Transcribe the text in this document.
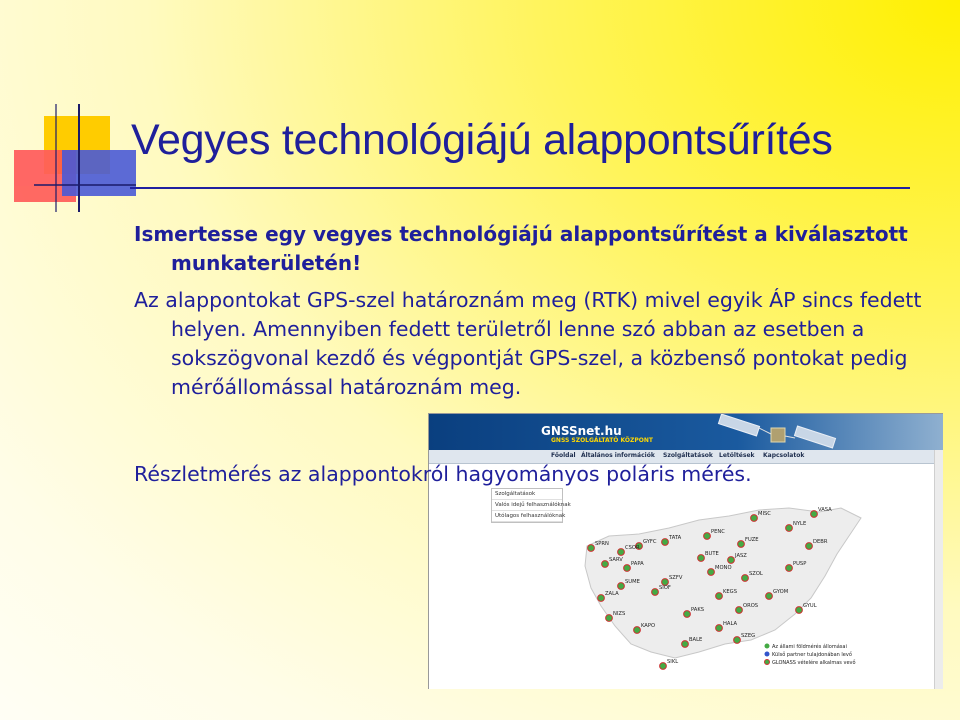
Vegyes technológiájú alappontsűrítés

Ismertesse egy vegyes technológiájú alappontsűrítést a kiválasztott munkaterületén!

Az alappontokat GPS-szel határoznám meg (RTK) mivel egyik ÁP sincs fedett helyen. Amennyiben fedett területről lenne szó abban az esetben a sokszögvonal kezdő és végpontját GPS-szel, a közbenső pontokat pedig mérőállomással határoznám meg.

GNSSnet.hu
GNSS SZOLGÁLTATÓ KÖZPONT
Főoldal Általános információk Szolgáltatások Letöltések Kapcsolatok
Szolgáltatások
Valós idejű felhasználóknak
Utólagos felhasználóknak
Az állami földmérés állomásai
Külső partner tulajdonában levő
GLONASS vételére alkalmas vevő
MISC
VASA
NYLE
PENC
FUZE	DEBR
SPRN	GYFC
TATA
CSOR
BUTE	JASZ
PUSP
SARV
PAPA
MONO
SZOL
SZFV
SUME
SIOF
KEGS	GYOM
ZALA
OROS	GYUL
PAKS
NIZS
KAPO	HALA
SZEG
BALE
SIKL

Részletmérés az alappontokról hagyományos poláris mérés.
